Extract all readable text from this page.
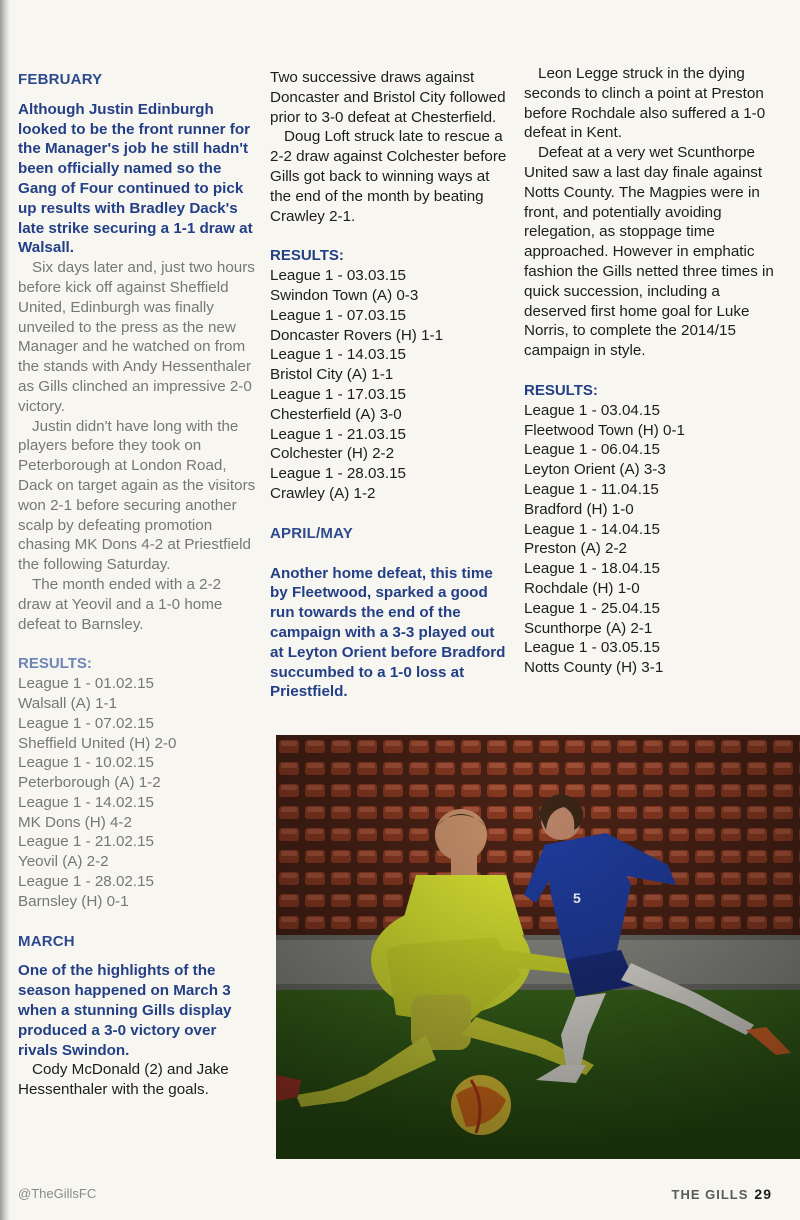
FEBRUARY

Although Justin Edinburgh looked to be the front runner for the Manager's job he still hadn't been officially named so the Gang of Four continued to pick up results with Bradley Dack's late strike securing a 1-1 draw at Walsall.

Six days later and, just two hours before kick off against Sheffield United, Edinburgh was finally unveiled to the press as the new Manager and he watched on from the stands with Andy Hessenthaler as Gills clinched an impressive 2-0 victory.

Justin didn't have long with the players before they took on Peterborough at London Road, Dack on target again as the visitors won 2-1 before securing another scalp by defeating promotion chasing MK Dons 4-2 at Priestfield the following Saturday.

The month ended with a 2-2 draw at Yeovil and a 1-0 home defeat to Barnsley.

RESULTS:

League 1 - 01.02.15

Walsall (A) 1-1

League 1 - 07.02.15

Sheffield United (H) 2-0

League 1 - 10.02.15

Peterborough (A) 1-2

League 1 - 14.02.15

MK Dons (H) 4-2

League 1 - 21.02.15

Yeovil (A) 2-2

League 1 - 28.02.15

Barnsley (H) 0-1

MARCH

One of the highlights of the season happened on March 3 when a stunning Gills display produced a 3-0 victory over rivals Swindon.

Cody McDonald (2) and Jake Hessenthaler with the goals.

Two successive draws against Doncaster and Bristol City followed prior to 3-0 defeat at Chesterfield.

Doug Loft struck late to rescue a 2-2 draw against Colchester before Gills got back to winning ways at the end of the month by beating Crawley 2-1.

RESULTS:

League 1 - 03.03.15

Swindon Town (A) 0-3

League 1 - 07.03.15

Doncaster Rovers (H) 1-1

League 1 - 14.03.15

Bristol City (A) 1-1

League 1 - 17.03.15

Chesterfield (A) 3-0

League 1 - 21.03.15

Colchester (H) 2-2

League 1 - 28.03.15

Crawley (A) 1-2

APRIL/MAY

Another home defeat, this time by Fleetwood, sparked a good run towards the end of the campaign with a 3-3 played out at Leyton Orient before Bradford succumbed to a 1-0 loss at Priestfield.

Leon Legge struck in the dying seconds to clinch a point at Preston before Rochdale also suffered a 1-0 defeat in Kent.

Defeat at a very wet Scunthorpe United saw a last day finale against Notts County. The Magpies were in front, and potentially avoiding relegation, as stoppage time approached. However in emphatic fashion the Gills netted three times in quick succession, including a deserved first home goal for Luke Norris, to complete the 2014/15 campaign in style.

RESULTS:

League 1 - 03.04.15

Fleetwood Town (H) 0-1

League 1 - 06.04.15

Leyton Orient (A) 3-3

League 1 - 11.04.15

Bradford (H) 1-0

League 1 - 14.04.15

Preston (A) 2-2

League 1 - 18.04.15

Rochdale (H) 1-0

League 1 - 25.04.15

Scunthorpe (A) 2-1

League 1 - 03.05.15

Notts County (H) 3-1

@TheGillsFC	THE GILLS 29
